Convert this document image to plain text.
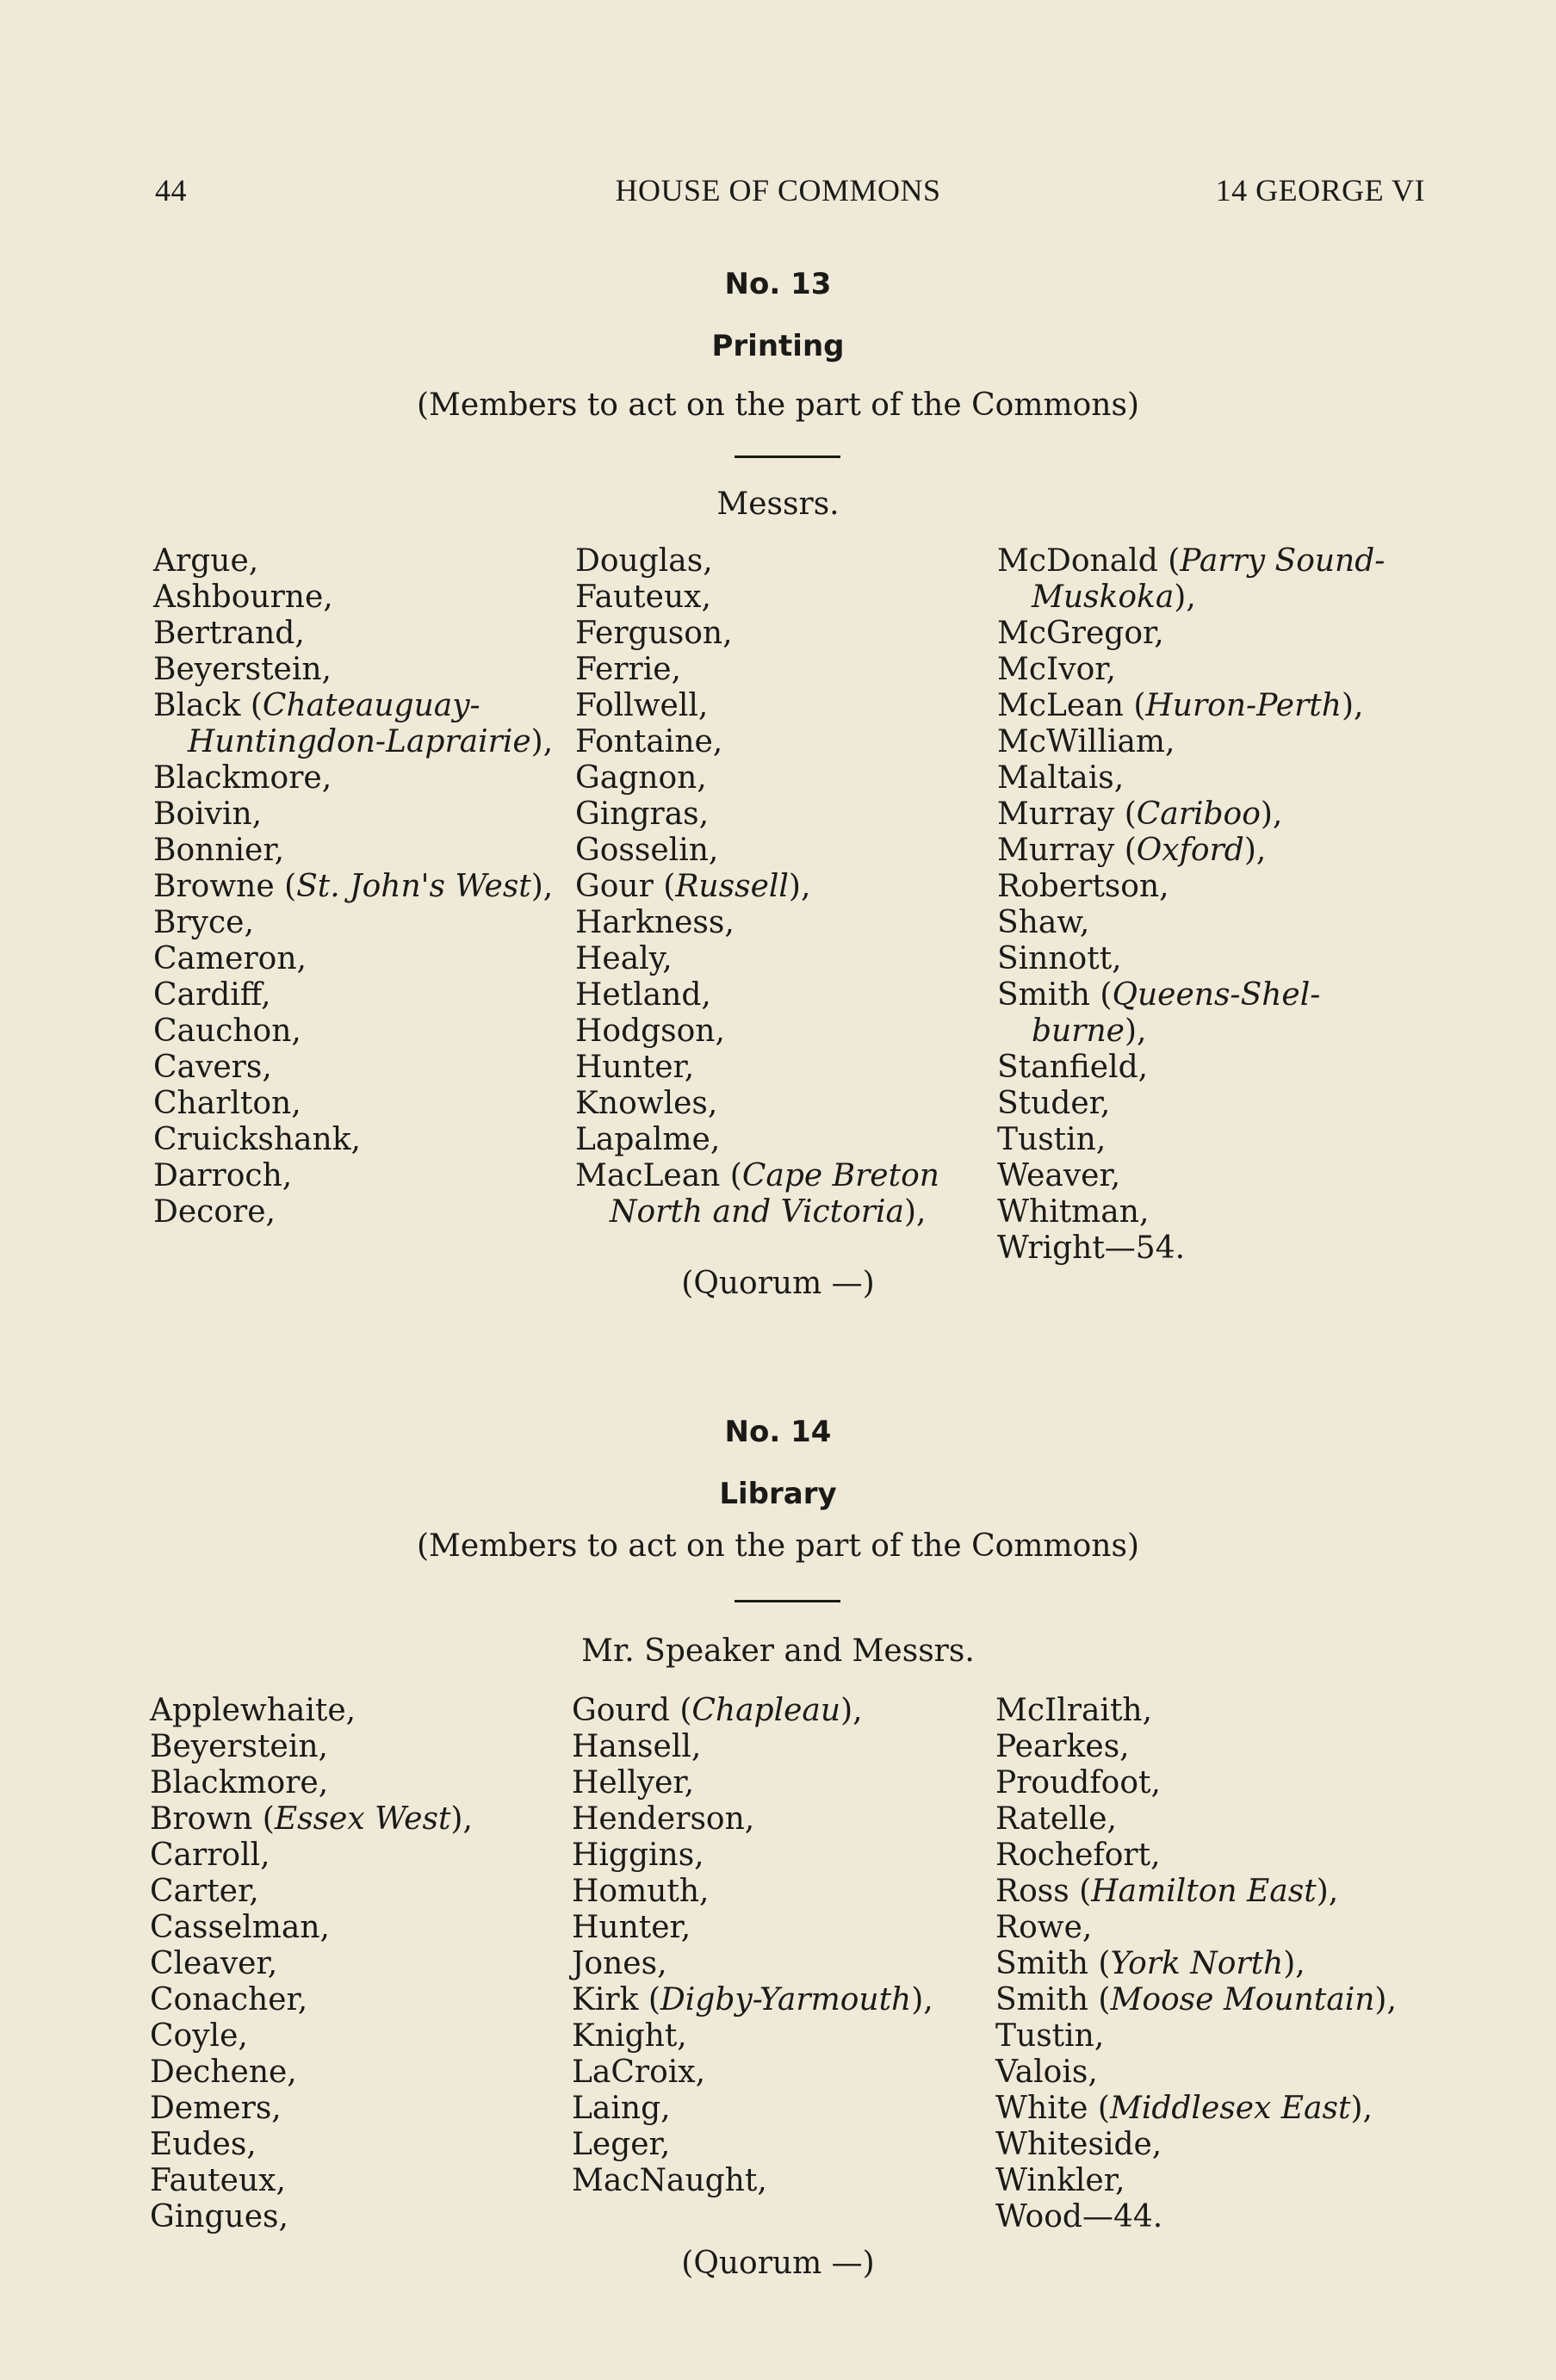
44	HOUSE OF COMMONS	14 GEORGE VI
No. 13
Printing
(Members to act on the part of the Commons)
Messrs.
Argue,
Ashbourne,
Bertrand,
Beyerstein,
Black (Chateauguay-
Huntingdon-Laprairie),
Blackmore,
Boivin,
Bonnier,
Browne (St. John's West),
Bryce,
Cameron,
Cardiff,
Cauchon,
Cavers,
Charlton,
Cruickshank,
Darroch,
Decore,
Douglas,
Fauteux,
Ferguson,
Ferrie,
Follwell,
Fontaine,
Gagnon,
Gingras,
Gosselin,
Gour (Russell),
Harkness,
Healy,
Hetland,
Hodgson,
Hunter,
Knowles,
Lapalme,
MacLean (Cape Breton
North and Victoria),
McDonald (Parry Sound-
Muskoka),
McGregor,
McIvor,
McLean (Huron-Perth),
McWilliam,
Maltais,
Murray (Cariboo),
Murray (Oxford),
Robertson,
Shaw,
Sinnott,
Smith (Queens-Shel-
burne),
Stanfield,
Studer,
Tustin,
Weaver,
Whitman,
Wright—54.
(Quorum —)
No. 14
Library
(Members to act on the part of the Commons)
Mr. Speaker and Messrs.
Applewhaite,
Beyerstein,
Blackmore,
Brown (Essex West),
Carroll,
Carter,
Casselman,
Cleaver,
Conacher,
Coyle,
Dechene,
Demers,
Eudes,
Fauteux,
Gingues,
Gourd (Chapleau),
Hansell,
Hellyer,
Henderson,
Higgins,
Homuth,
Hunter,
Jones,
Kirk (Digby-Yarmouth),
Knight,
LaCroix,
Laing,
Leger,
MacNaught,
McIlraith,
Pearkes,
Proudfoot,
Ratelle,
Rochefort,
Ross (Hamilton East),
Rowe,
Smith (York North),
Smith (Moose Mountain),
Tustin,
Valois,
White (Middlesex East),
Whiteside,
Winkler,
Wood—44.
(Quorum —)
